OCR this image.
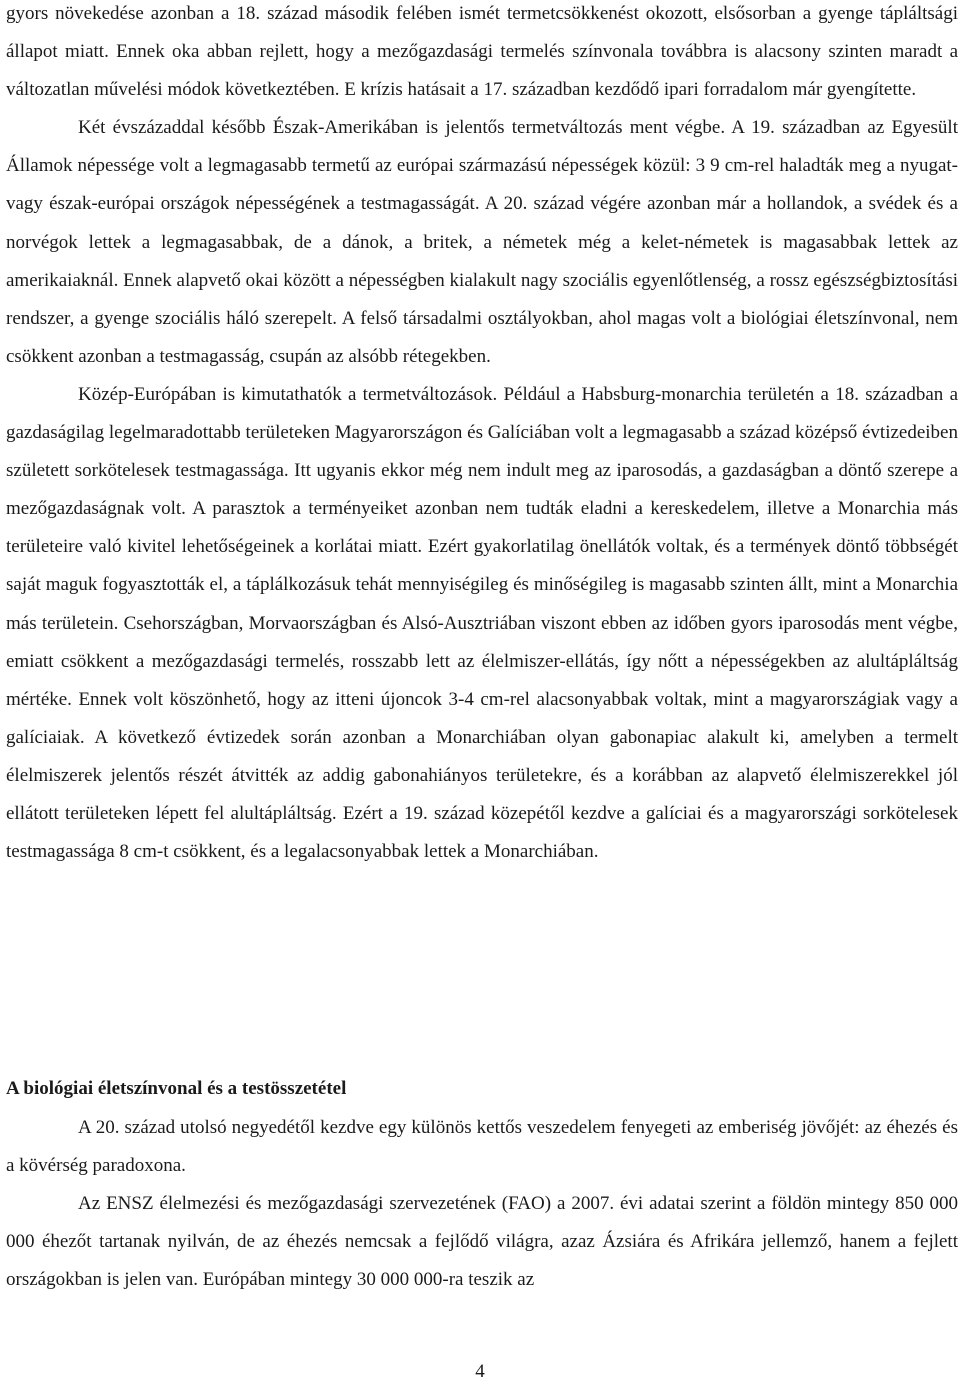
gyors növekedése azonban a 18. század második felében ismét termetcsökkenést okozott, elsősorban a gyenge tápláltsági állapot miatt. Ennek oka abban rejlett, hogy a mezőgazdasági termelés színvonala továbbra is alacsony szinten maradt a változatlan művelési módok következtében. E krízis hatásait a 17. században kezdődő ipari forradalom már gyengítette.

Két évszázaddal később Észak-Amerikában is jelentős termetváltozás ment végbe. A 19. században az Egyesült Államok népessége volt a legmagasabb termetű az európai származású népességek közül: 3 9 cm-rel haladták meg a nyugat- vagy észak-európai országok népességének a testmagasságát. A 20. század végére azonban már a hollandok, a svédek és a norvégok lettek a legmagasabbak, de a dánok, a britek, a németek még a kelet-németek is magasabbak lettek az amerikaiaknál. Ennek alapvető okai között a népességben kialakult nagy szociális egyenlőtlenség, a rossz egészségbiztosítási rendszer, a gyenge szociális háló szerepelt. A felső társadalmi osztályokban, ahol magas volt a biológiai életszínvonal, nem csökkent azonban a testmagasság, csupán az alsóbb rétegekben.

Közép-Európában is kimutathatók a termetváltozások. Például a Habsburg-monarchia területén a 18. században a gazdaságilag legelmaradottabb területeken Magyarországon és Galíciában volt a legmagasabb a század középső évtizedeiben született sorkötelesek testmagassága. Itt ugyanis ekkor még nem indult meg az iparosodás, a gazdaságban a döntő szerepe a mezőgazdaságnak volt. A parasztok a terményeiket azonban nem tudták eladni a kereskedelem, illetve a Monarchia más területeire való kivitel lehetőségeinek a korlátai miatt. Ezért gyakorlatilag önellátók voltak, és a termények döntő többségét saját maguk fogyasztották el, a táplálkozásuk tehát mennyiségileg és minőségileg is magasabb szinten állt, mint a Monarchia más területein. Csehországban, Morvaországban és Alsó-Ausztriában viszont ebben az időben gyors iparosodás ment végbe, emiatt csökkent a mezőgazdasági termelés, rosszabb lett az élelmiszer-ellátás, így nőtt a népességekben az alultápláltság mértéke. Ennek volt köszönhető, hogy az itteni újoncok 3-4 cm-rel alacsonyabbak voltak, mint a magyarországiak vagy a galíciaiak. A következő évtizedek során azonban a Monarchiában olyan gabonapiac alakult ki, amelyben a termelt élelmiszerek jelentős részét átvitték az addig gabonahiányos területekre, és a korábban az alapvető élelmiszerekkel jól ellátott területeken lépett fel alultápláltság. Ezért a 19. század közepétől kezdve a galíciai és a magyarországi sorkötelesek testmagassága 8 cm-t csökkent, és a legalacsonyabbak lettek a Monarchiában.

A biológiai életszínvonal és a testösszetétel

A 20. század utolsó negyedétől kezdve egy különös kettős veszedelem fenyegeti az emberiség jövőjét: az éhezés és a kövérség paradoxona.

Az ENSZ élelmezési és mezőgazdasági szervezetének (FAO) a 2007. évi adatai szerint a földön mintegy 850 000 000 éhezőt tartanak nyilván, de az éhezés nemcsak a fejlődő világra, azaz Ázsiára és Afrikára jellemző, hanem a fejlett országokban is jelen van. Európában mintegy 30 000 000-ra teszik az

4
